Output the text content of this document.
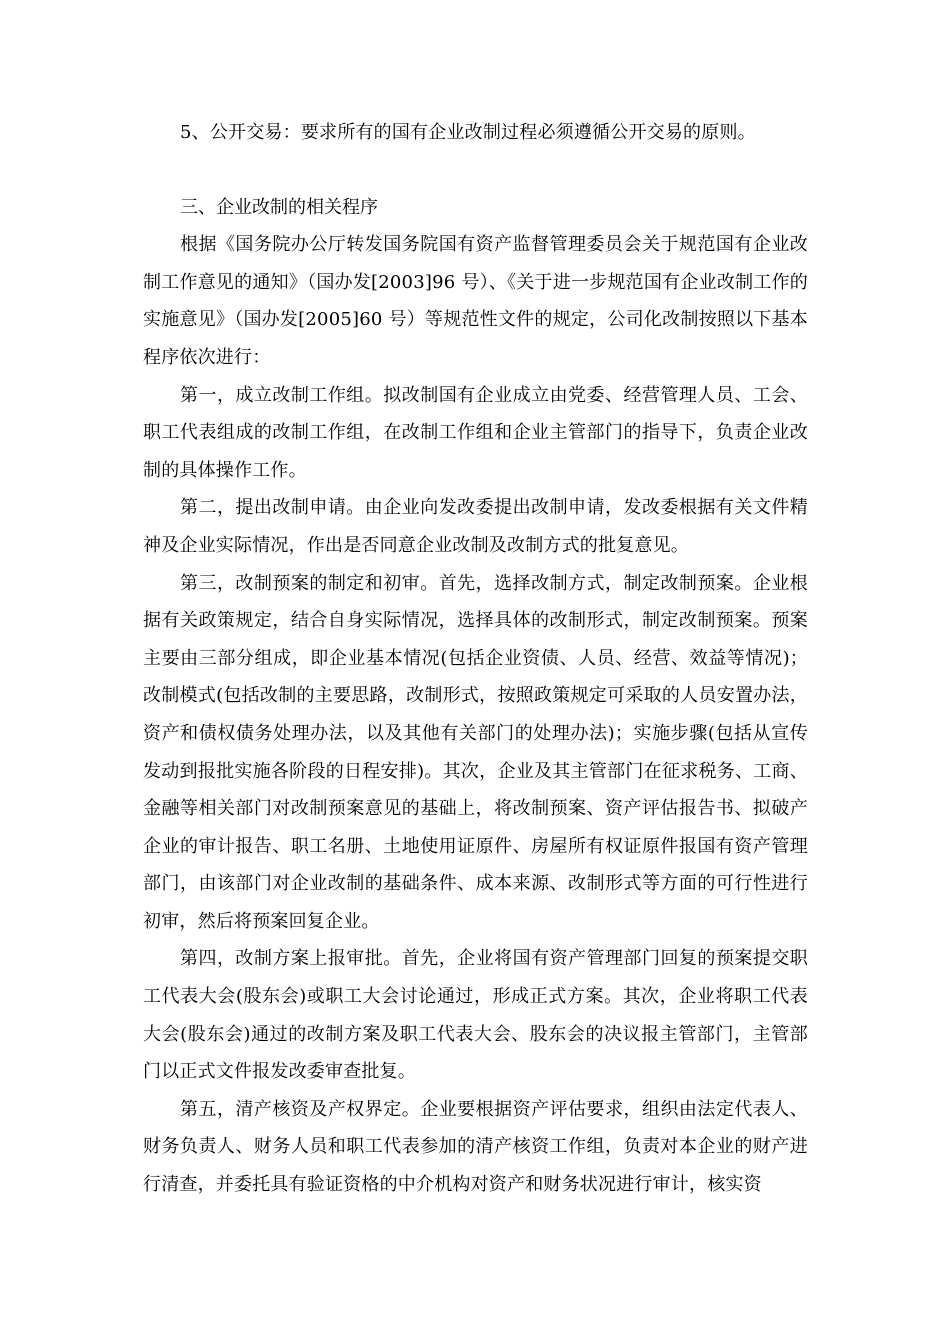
5、公开交易：要求所有的国有企业改制过程必须遵循公开交易的原则。

三、企业改制的相关程序

根据《国务院办公厅转发国务院国有资产监督管理委员会关于规范国有企业改制工作意见的通知》（国办发[2003]96 号）、《关于进一步规范国有企业改制工作的实施意见》（国办发[2005]60 号）等规范性文件的规定，公司化改制按照以下基本程序依次进行：

第一，成立改制工作组。拟改制国有企业成立由党委、经营管理人员、工会、职工代表组成的改制工作组，在改制工作组和企业主管部门的指导下，负责企业改制的具体操作工作。

第二，提出改制申请。由企业向发改委提出改制申请，发改委根据有关文件精神及企业实际情况，作出是否同意企业改制及改制方式的批复意见。

第三，改制预案的制定和初审。首先，选择改制方式，制定改制预案。企业根据有关政策规定，结合自身实际情况，选择具体的改制形式，制定改制预案。预案主要由三部分组成，即企业基本情况(包括企业资债、人员、经营、效益等情况)；改制模式(包括改制的主要思路，改制形式，按照政策规定可采取的人员安置办法，资产和债权债务处理办法，以及其他有关部门的处理办法)；实施步骤(包括从宣传发动到报批实施各阶段的日程安排)。其次，企业及其主管部门在征求税务、工商、金融等相关部门对改制预案意见的基础上，将改制预案、资产评估报告书、拟破产企业的审计报告、职工名册、土地使用证原件、房屋所有权证原件报国有资产管理部门，由该部门对企业改制的基础条件、成本来源、改制形式等方面的可行性进行初审，然后将预案回复企业。

第四，改制方案上报审批。首先，企业将国有资产管理部门回复的预案提交职工代表大会(股东会)或职工大会讨论通过，形成正式方案。其次，企业将职工代表大会(股东会)通过的改制方案及职工代表大会、股东会的决议报主管部门，主管部门以正式文件报发改委审查批复。

第五，清产核资及产权界定。企业要根据资产评估要求，组织由法定代表人、财务负责人、财务人员和职工代表参加的清产核资工作组，负责对本企业的财产进行清查，并委托具有验证资格的中介机构对资产和财务状况进行审计，核实资
